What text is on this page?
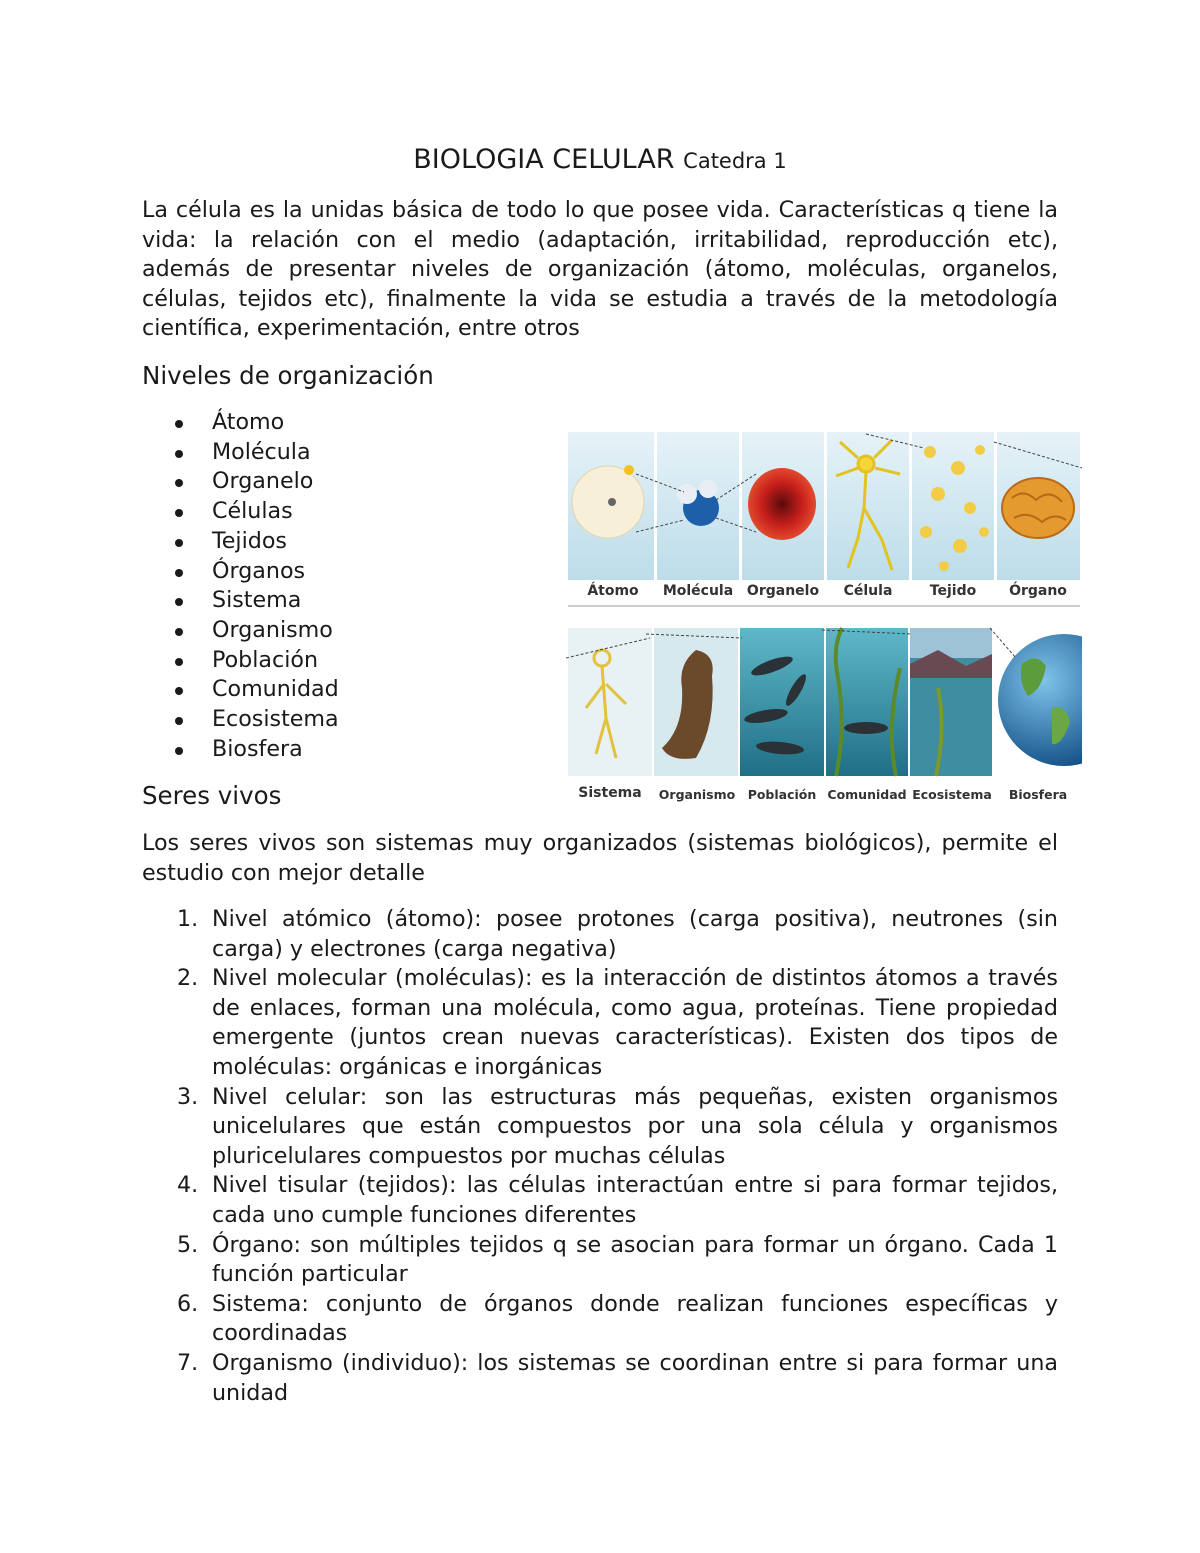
BIOLOGIA CELULAR Catedra 1

La célula es la unidas básica de todo lo que posee vida. Características q tiene la vida: la relación con el medio (adaptación, irritabilidad, reproducción etc), además de presentar niveles de organización (átomo, moléculas, organelos, células, tejidos etc), finalmente la vida se estudia a través de la metodología científica, experimentación, entre otros

Niveles de organización
Átomo
Molécula
Organelo
Células
Tejidos
Órganos
Sistema
Organismo
Población
Comunidad
Ecosistema
Biosfera
Átomo	Molécula Organelo	Célula	Tejido	Órgano
Sistema	Organismo Población Comunidad Ecosistema	Biosfera
Seres vivos

Los seres vivos son sistemas muy organizados (sistemas biológicos), permite el estudio con mejor detalle

1. Nivel atómico (átomo): posee protones (carga positiva), neutrones (sin carga) y electrones (carga negativa)
2. Nivel molecular (moléculas): es la interacción de distintos átomos a través de enlaces, forman una molécula, como agua, proteínas. Tiene propiedad emergente (juntos crean nuevas características). Existen dos tipos de moléculas: orgánicas e inorgánicas
3. Nivel celular: son las estructuras más pequeñas, existen organismos unicelulares que están compuestos por una sola célula y organismos pluricelulares compuestos por muchas células
4. Nivel tisular (tejidos): las células interactúan entre si para formar tejidos, cada uno cumple funciones diferentes
5. Órgano: son múltiples tejidos q se asocian para formar un órgano. Cada 1 función particular
6. Sistema: conjunto de órganos donde realizan funciones específicas y coordinadas
7. Organismo (individuo): los sistemas se coordinan entre si para formar una unidad
